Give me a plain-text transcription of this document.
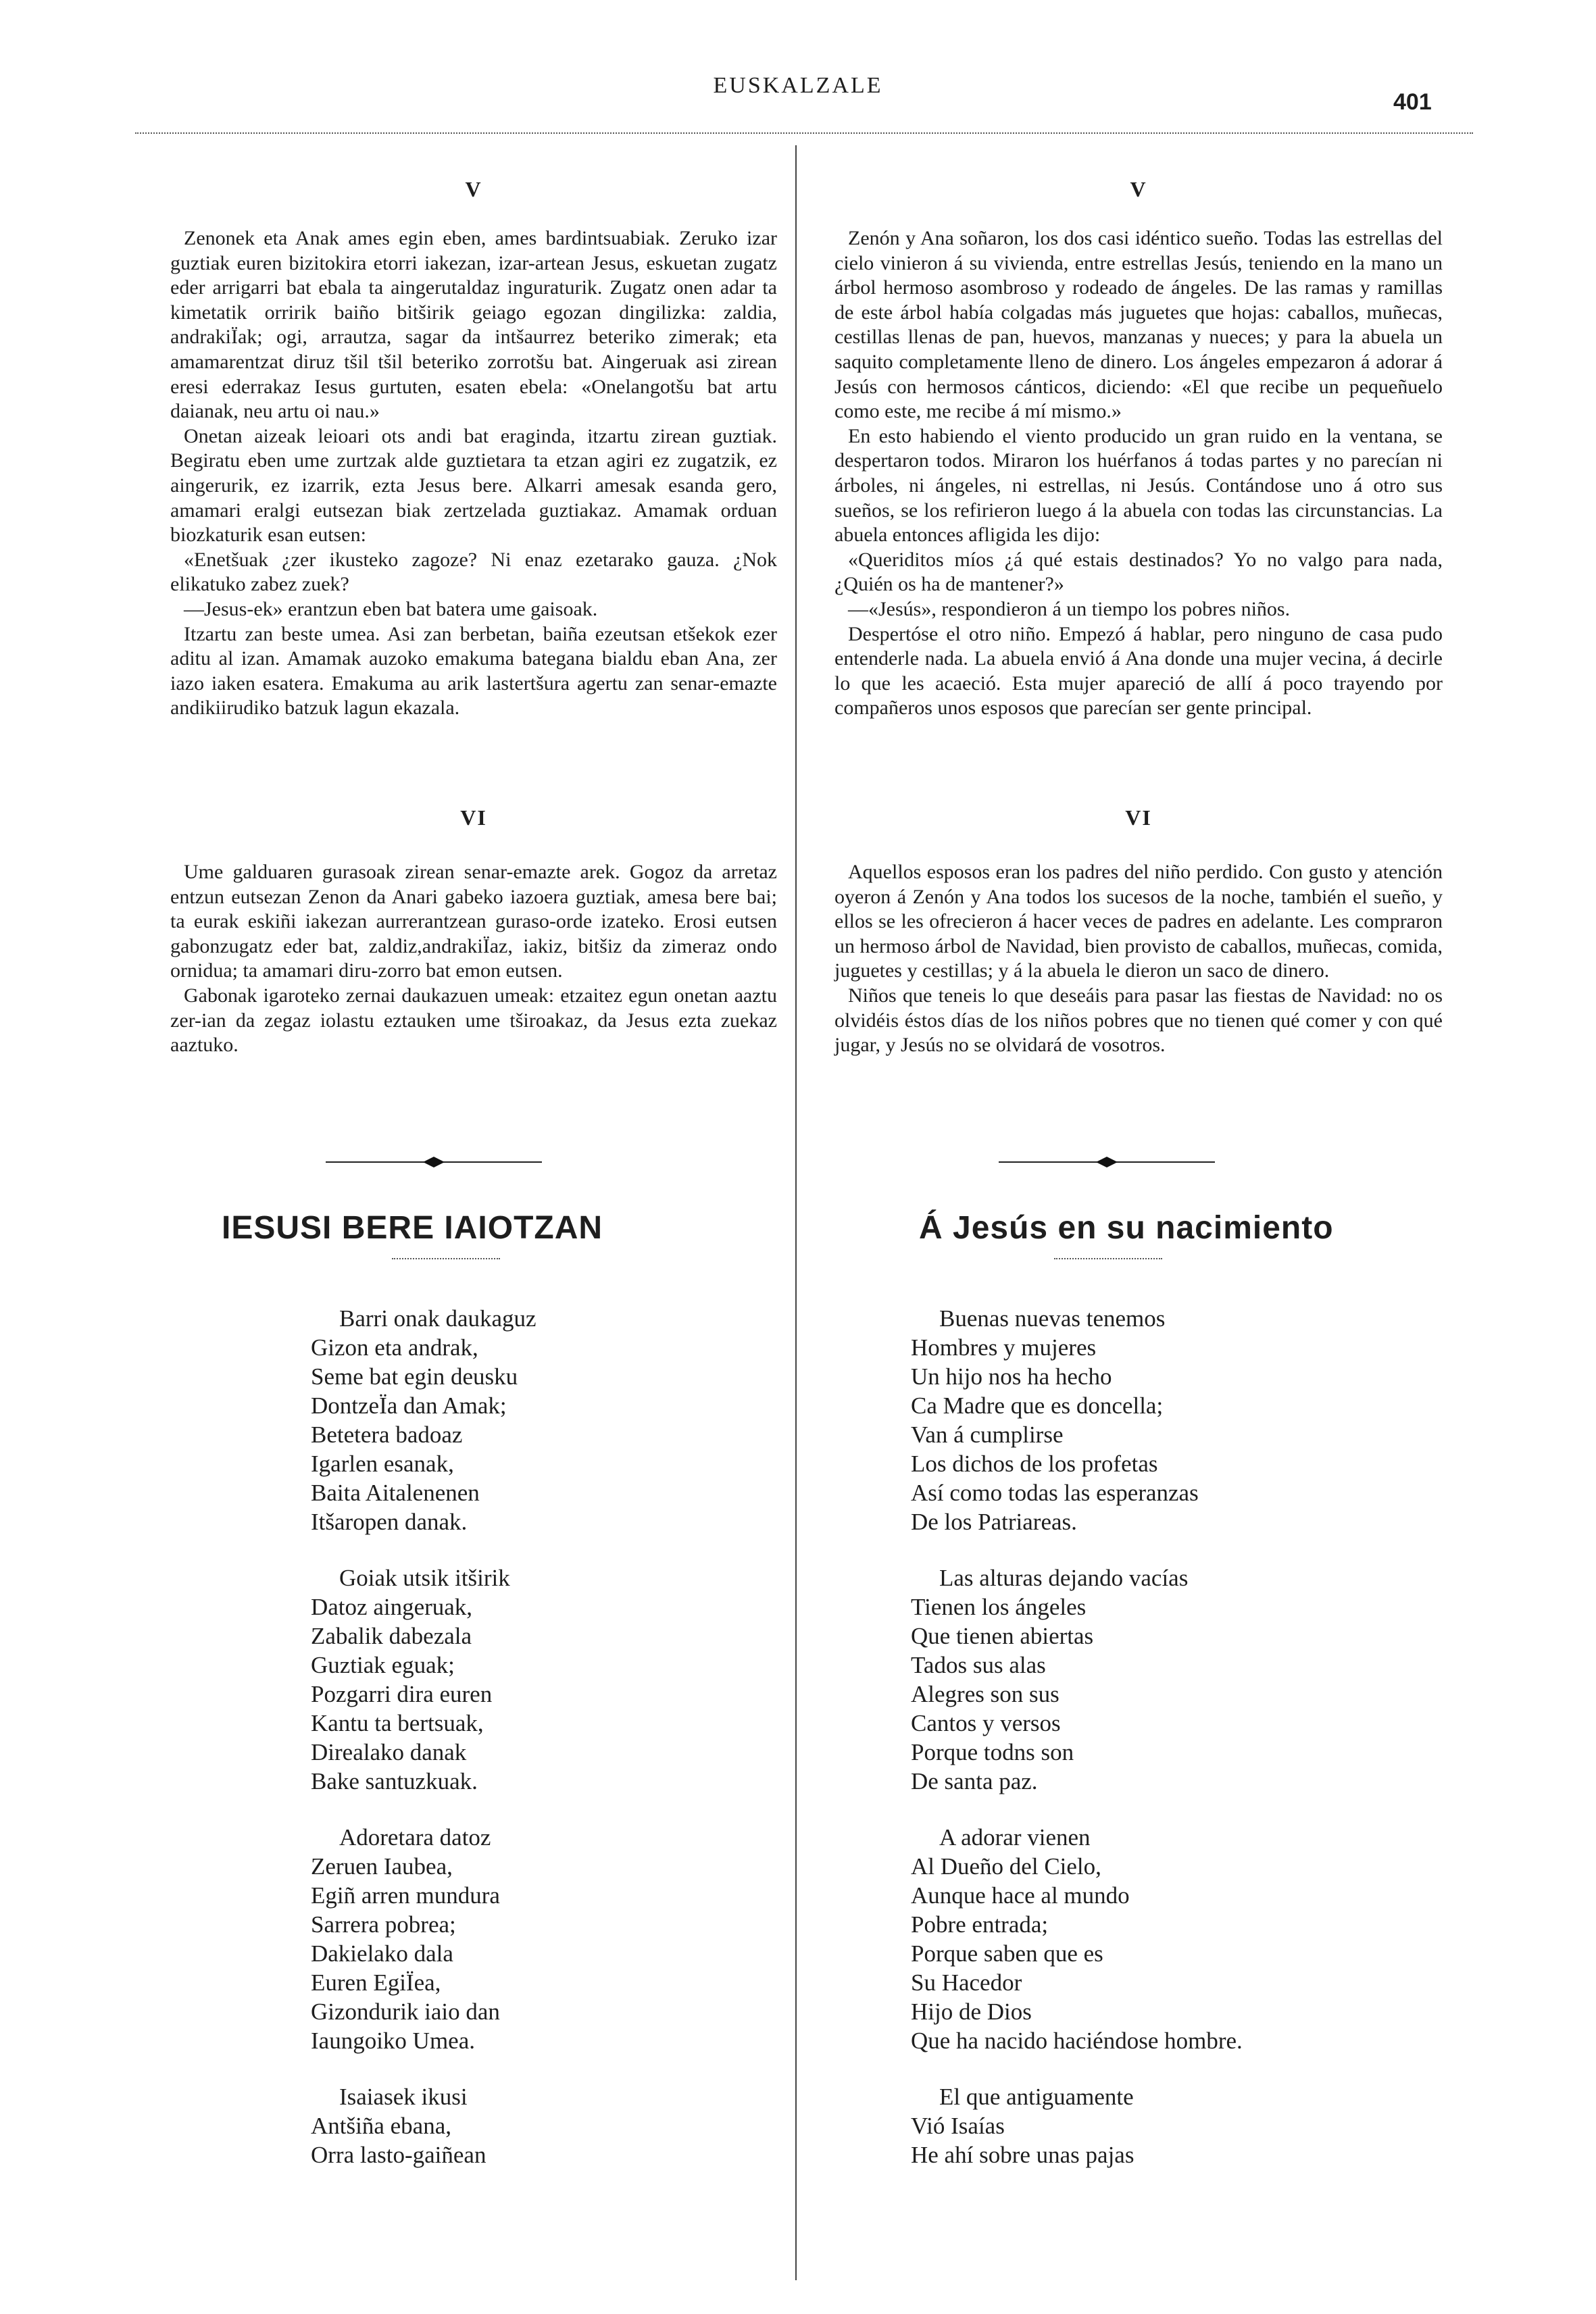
EUSKALZALE
401
V

Zenonek eta Anak ames egin eben, ames bardintsuabiak. Zeruko izar guztiak euren bizitokira etorri iakezan, izar-artean Jesus, eskuetan zugatz eder arrigarri bat ebala ta aingerutaldaz inguraturik. Zugatz onen adar ta kimetatik orririk baiño bitširik geiago egozan dingilizka: zaldia, andrakiÏak; ogi, arrautza, sagar da intšaurrez beteriko zimerak; eta amamarentzat diruz tšil tšil beteriko zorrotšu bat. Aingeruak asi zirean eresi ederrakaz Iesus gurtuten, esaten ebela: «Onelangotšu bat artu daianak, neu artu oi nau.»

Onetan aizeak leioari ots andi bat eragindа, itzartu zirean guztiak. Begiratu eben ume zurtzak alde guztietara ta etzan agiri ez zugatzik, ez aingerurik, ez izarrik, ezta Jesus bere. Alkarri amesak esanda gero, amamari eralgi eutsezan biak zertzelada guztiakaz. Amamak orduan biozkaturik esan eutsen:

«Enetšuak ¿zer ikusteko zagoze? Ni enaz ezetarako gauza. ¿Nok elikatuko zabez zuek?

—Jesus-ek» erantzun eben bat batera ume gaisoak.

Itzartu zan beste umea. Asi zan berbetan, baiña ezeutsan etšekok ezer aditu al izan. Amamak auzoko emakuma bategana bialdu eban Ana, zer iazo iaken esatera. Emakuma au arik lastertšura agertu zan senar-emazte andikiirudiko batzuk lagun ekazala.

VI

Ume galduaren gurasoak zirean senar-emazte arek. Gogoz da arretaz entzun eutsezan Zenon da Anari gabeko iazoera guztiak, amesa bere bai; ta eurak eskiñi iakezan aurrerantzean guraso-orde izateko. Erosi eutsen gabonzugatz eder bat, zaldiz,andrakiÏaz, iakiz, bitšiz da zimeraz ondo ornidua; ta amamari diru-zorro bat emon eutsen.

Gabonak igaroteko zernai daukazuen umeak: etzaitez egun onetan aaztu zer-ian da zegaz iolastu eztauken ume tširoakaz, da Jesus ezta zuekaz aaztuko.

V

Zenón y Ana soñaron, los dos casi idéntico sueño. Todas las estrellas del cielo vinieron á su vivienda, entre estrellas Jesús, teniendo en la mano un árbol hermoso asombroso y rodeado de ángeles. De las ramas y ramillas de este árbol había colgadas más juguetes que hojas: caballos, muñecas, cestillas llenas de pan, huevos, manzanas y nueces; y para la abuela un saquito completamente lleno de dinero. Los ángeles empezaron á adorar á Jesús con hermosos cánticos, diciendo: «El que recibe un pequeñuelo como este, me recibe á mí mismo.»

En esto habiendo el viento producido un gran ruido en la ventana, se despertaron todos. Miraron los huérfanos á todas partes y no parecían ni árboles, ni ángeles, ni estrellas, ni Jesús. Contándose uno á otro sus sueños, se los refirieron luego á la abuela con todas las circunstancias. La abuela entonces afligida les dijo:

«Queriditos míos ¿á qué estais destinados? Yo no valgo para nada, ¿Quién os ha de mantener?»

—«Jesús», respondieron á un tiempo los pobres niños.

Despertóse el otro niño. Empezó á hablar, pero ninguno de casa pudo entenderle nada. La abuela envió á Ana donde una mujer vecina, á decirle lo que les acaeció. Esta mujer apareció de allí á poco trayendo por compañeros unos esposos que parecían ser gente principal.

VI

Aquellos esposos eran los padres del niño perdido. Con gusto y atención oyeron á Zenón y Ana todos los sucesos de la noche, también el sueño, y ellos se les ofrecieron á hacer veces de padres en adelante. Les compraron un hermoso árbol de Navidad, bien provisto de caballos, muñecas, comida, juguetes y cestillas; y á la abuela le dieron un saco de dinero.

Niños que teneis lo que deseáis para pasar las fiestas de Navidad: no os olvidéis éstos días de los niños pobres que no tienen qué comer y con qué jugar, y Jesús no se olvidará de vosotros.

IESUSI BERE IAIOTZAN	Á Jesús en su nacimiento
Barri onak daukaguz
Gizon eta andrak,
Seme bat egin deusku
DontzeÏa dan Amak;
Betetera badoaz
Igarlen esanak,
Baita Aitalenenen
Itšaropen danak.
Goiak utsik itširik
Datoz aingeruak,
Zabalik dabezala
Guztiak eguak;
Pozgarri dira euren
Kantu ta bertsuak,
Direalako danak
Bake santuzkuak.
Adoretara datoz
Zeruen Iaubea,
Egiñ arren mundura
Sarrera pobrea;
Dakielako dala
Euren EgiÏea,
Gizondurik iaio dan
Iaungoiko Umea.
Isaiasek ikusi
Antšiña ebana,
Orra lasto-gaiñean
Buenas nuevas tenemos
Hombres y mujeres
Un hijo nos ha hecho
Ca Madre que es doncella;
Van á cumplirse
Los dichos de los profetas
Así como todas las esperanzas
De los Patriareas.
Las alturas dejando vacías
Tienen los ángeles
Que tienen abiertas
Tados sus alas
Alegres son sus
Cantos y versos
Porque todns son
De santa paz.
A adorar vienen
Al Dueño del Cielo,
Aunque hace al mundo
Pobre entrada;
Porque saben que es
Su Hacedor
Hijo de Dios
Que ha nacido haciéndose hombre.
El que antiguamente
Vió Isaías
He ahí sobre unas pajas
